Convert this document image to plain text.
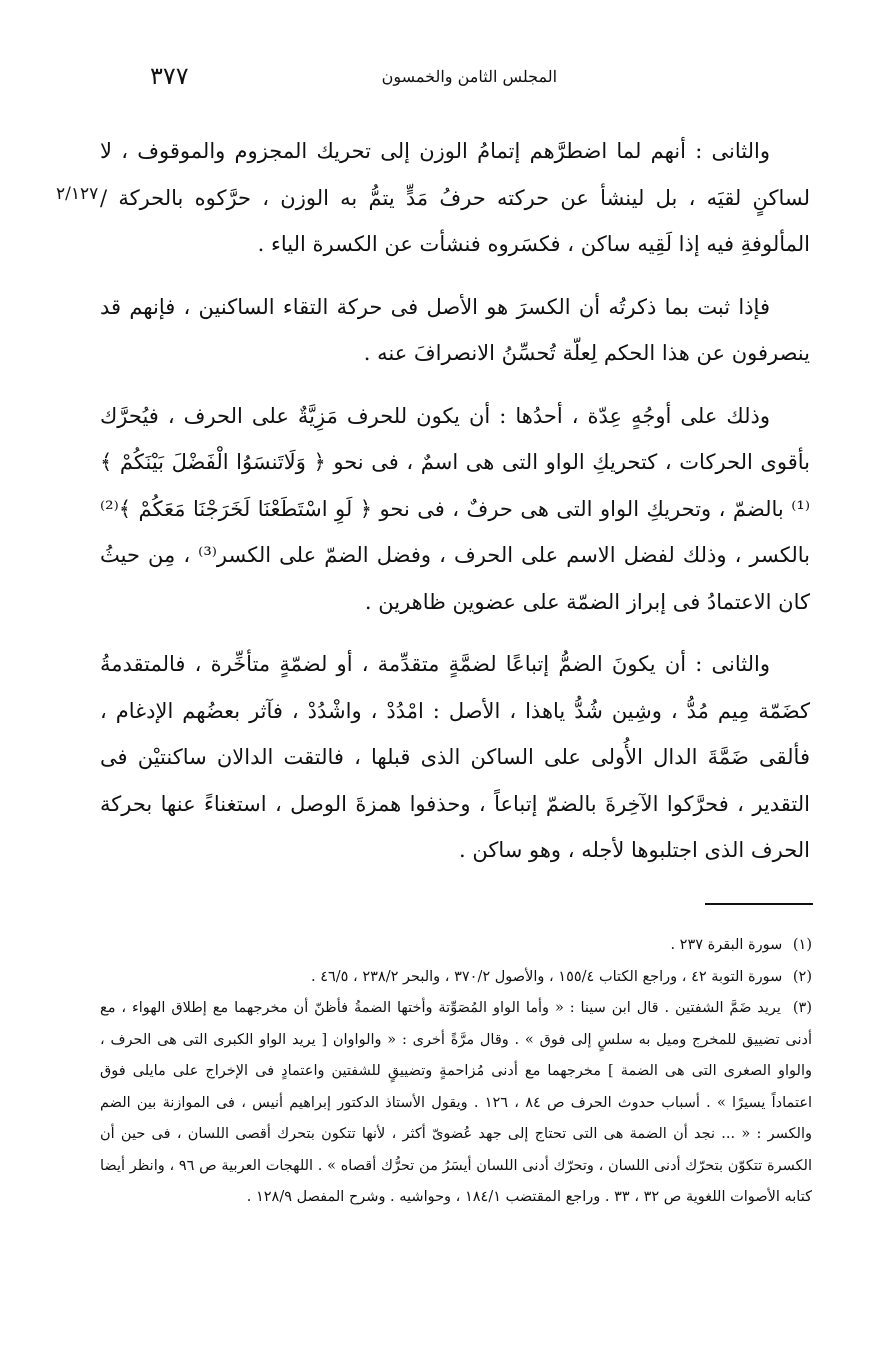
المجلس الثامن والخمسون
٣٧٧
٢/١٢٧

والثانى : أنهم لما اضطرَّهم إتمامُ الوزن إلى تحريك المجزوم والموقوف ، لا لساكنٍ لقيَه ، بل لينشأ عن حركته حرفُ مَدٍّ يتمُّ به الوزن ، حرَّكوه بالحركة / المألوفةِ فيه إذا لَقِيه ساكن ، فكسَروه فنشأت عن الكسرة الياء .

فإذا ثبت بما ذكرتُه أن الكسرَ هو الأصل فى حركة التقاء الساكنين ، فإنهم قد ينصرفون عن هذا الحكم لِعلّة تُحسِّنُ الانصرافَ عنه .

وذلك على أوجُهٍ عِدّة ، أحدُها : أن يكون للحرف مَزِيَّةٌ على الحرف ، فيُحرَّك بأقوى الحركات ، كتحريكِ الواو التى هى اسمٌ ، فى نحو ﴿ وَلَاتَنسَوُا الْفَضْلَ بَيْنَكُمْ ﴾⁽¹⁾ بالضمّ ، وتحريكِ الواو التى هى حرفٌ ، فى نحو ﴿ لَوِ اسْتَطَعْنَا لَخَرَجْنَا مَعَكُمْ ﴾⁽²⁾ بالكسر ، وذلك لفضل الاسم على الحرف ، وفضل الضمّ على الكسر⁽³⁾ ، مِن حيثُ كان الاعتمادُ فى إبراز الضمّة على عضوين ظاهرين .

والثانى : أن يكونَ الضمُّ إتباعًا لضمَّةٍ متقدِّمة ، أو لضمّةٍ متأخِّرة ، فالمتقدمةُ كضَمّة مِيم مُدُّ ، وشِين شُدُّ ياهذا ، الأصل : امْدُدْ ، واشْدُدْ ، فآثر بعضُهم الإدغام ، فألقى ضَمَّةَ الدال الأُولى على الساكن الذى قبلها ، فالتقت الدالان ساكنتيْن فى التقدير ، فحرَّكوا الآخِرةَ بالضمّ إتباعاً ، وحذفوا همزةَ الوصل ، استغناءً عنها بحركة الحرف الذى اجتلبوها لأجله ، وهو ساكن .

(١) سورة البقرة ٢٣٧ .

(٢) سورة التوبة ٤٢ ، وراجع الكتاب ١٥٥/٤ ، والأصول ٣٧٠/٢ ، والبحر ٢٣٨/٢ ، ٤٦/٥ .

(٣) يريد ضَمَّ الشفتين . قال ابن سينا : « وأما الواو المُصَوِّتة وأختها الضمةُ فأظنّ أن مخرجهما مع إطلاق الهواء ، مع أدنى تضييق للمخرج وميل به سلسٍ إلى فوق » . وقال مرَّةً أخرى : « والواوان [ يريد الواو الكبرى التى هى الحرف ، والواو الصغرى التى هى الضمة ] مخرجهما مع أدنى مُزاحمةٍ وتضييقٍ للشفتين واعتمادٍ فى الإخراج على مايلى فوق اعتماداً يسيرًا » . أسباب حدوث الحرف ص ٨٤ ، ١٢٦ . ويقول الأستاذ الدكتور إبراهيم أنيس ، فى الموازنة بين الضم والكسر : « ... نجد أن الضمة هى التى تحتاج إلى جهد عُضوىّ أكثر ، لأنها تتكون بتحرك أقصى اللسان ، فى حين أن الكسرة تتكوّن بتحرّك أدنى اللسان ، وتحرّك أدنى اللسان أيسَرُ من تحرُّك أقصاه » . اللهجات العربية ص ٩٦ ، وانظر أيضا كتابه الأصوات اللغوية ص ٣٢ ، ٣٣ . وراجع المقتضب ١٨٤/١ ، وحواشيه . وشرح المفصل ١٢٨/٩ .
